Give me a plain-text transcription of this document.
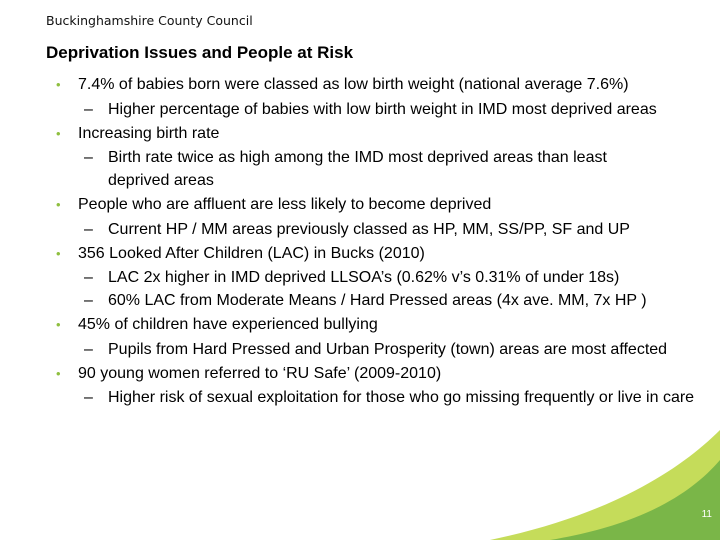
Buckinghamshire County Council
Deprivation Issues and People at Risk
• 7.4% of babies born were classed as low birth weight (national average 7.6%)
– Higher percentage of babies with low birth weight in IMD most deprived areas
• Increasing birth rate
– Birth rate twice as high among the IMD most deprived areas than least deprived areas
• People who are affluent are less likely to become deprived
– Current HP / MM areas previously classed as HP, MM, SS/PP, SF and UP
• 356 Looked After Children (LAC) in Bucks (2010)
– LAC 2x higher in IMD deprived LLSOA’s (0.62% v’s 0.31% of under 18s)
– 60% LAC from Moderate Means / Hard Pressed areas (4x ave. MM, 7x HP )
• 45% of children have experienced bullying
– Pupils from Hard Pressed and Urban Prosperity (town) areas are most affected
• 90 young women referred to ‘RU Safe’ (2009-2010)
– Higher risk of sexual exploitation for those who go missing frequently or live in care
11
